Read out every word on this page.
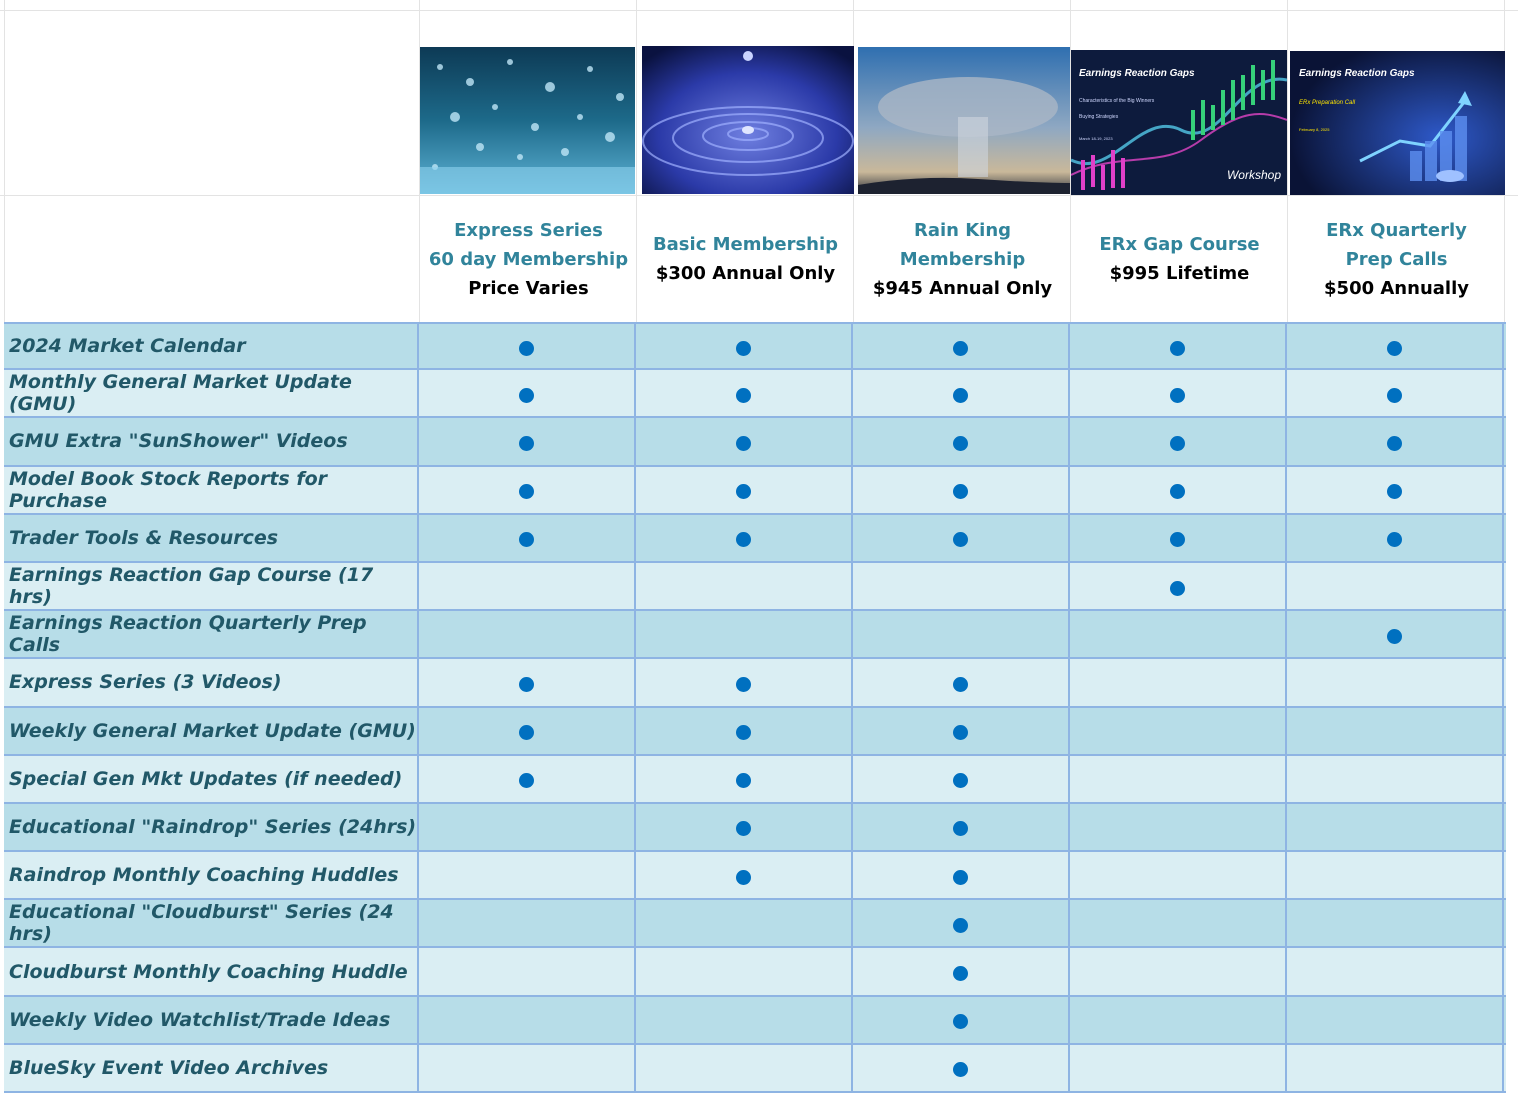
Earnings Reaction Gaps
Characteristics of the Big Winners
Buying Strategies
March 18-19, 2023
Workshop
Earnings Reaction Gaps
ERx Preparation Call
February 8, 2025
Express Series
60 day Membership
Price Varies
Basic Membership
$300 Annual Only
Rain King Membership
$945 Annual Only
ERx Gap Course
$995 Lifetime
ERx Quarterly
Prep Calls
$500 Annually
2024 Market Calendar
Monthly General Market Update (GMU)
GMU Extra "SunShower" Videos
Model Book Stock Reports for Purchase
Trader Tools & Resources
Earnings Reaction Gap Course (17 hrs)
Earnings Reaction Quarterly Prep Calls
Express Series (3 Videos)
Weekly General Market Update (GMU)
Special Gen Mkt Updates (if needed)
Educational "Raindrop" Series (24hrs)
Raindrop Monthly Coaching Huddles
Educational "Cloudburst" Series (24 hrs)
Cloudburst Monthly Coaching Huddle
Weekly Video Watchlist/Trade Ideas
BlueSky Event Video Archives
